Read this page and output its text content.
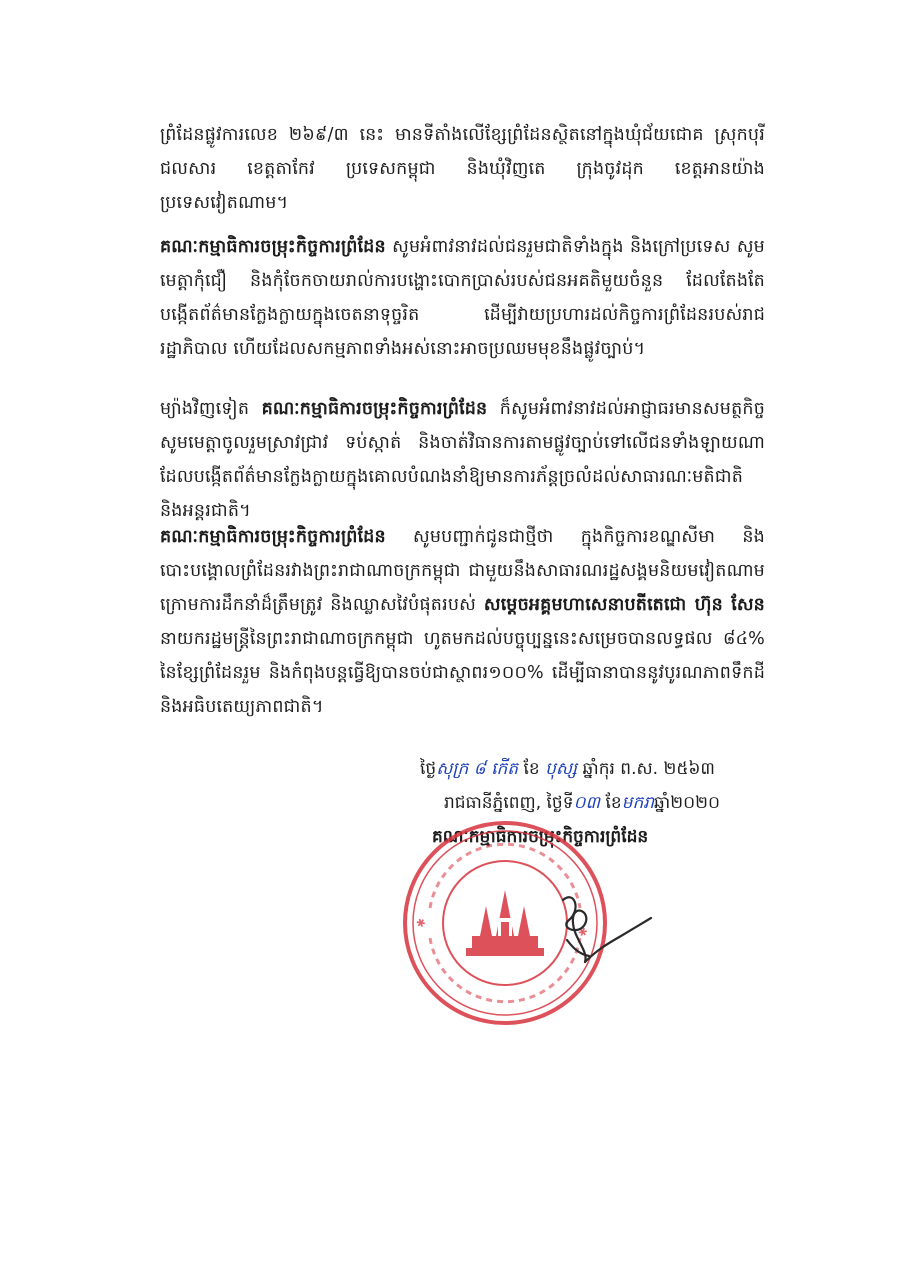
ព្រំដែនផ្លូវការលេខ ២៦៩/៣ នេះ មានទីតាំងលើខ្សែព្រំដែនស្ថិតនៅក្នុងឃុំជ័យជោគ ស្រុកបុរីជលសារ ខេត្តតាកែវ ប្រទេសកម្ពុជា និងឃុំវិញតេ ក្រុងចូវដុក ខេត្តអានយ៉ាង ប្រទេសវៀតណាម។
គណៈកម្មាធិការចម្រុះកិច្ចការព្រំដែន សូមអំពាវនាវដល់ជនរួមជាតិទាំងក្នុង និងក្រៅប្រទេស សូមមេត្តាកុំជឿ និងកុំចែកចាយរាល់ការបង្ហោះបោកប្រាស់របស់ជនអគតិមួយចំនួន ដែលតែងតែបង្កើតព័ត៌មានក្លែងក្លាយក្នុងចេតនាទុច្ចរិត ដើម្បីវាយប្រហារដល់កិច្ចការព្រំដែនរបស់រាជរដ្ឋាភិបាល ហើយដែលសកម្មភាពទាំងអស់នោះអាចប្រឈមមុខនឹងផ្លូវច្បាប់។
ម្យ៉ាងវិញទៀត គណៈកម្មាធិការចម្រុះកិច្ចការព្រំដែន ក៏សូមអំពាវនាវដល់អាជ្ញាធរមានសមត្ថកិច្ច សូមមេត្តាចូលរួមស្រាវជ្រាវ ទប់ស្កាត់ និងចាត់វិធានការតាមផ្លូវច្បាប់ទៅលើជនទាំងឡាយណា ដែលបង្កើតព័ត៌មានក្លែងក្លាយក្នុងគោលបំណងនាំឱ្យមានការភ័ន្តច្រលំដល់សាធារណៈមតិជាតិ និងអន្តរជាតិ។
គណៈកម្មាធិការចម្រុះកិច្ចការព្រំដែន សូមបញ្ជាក់ជូនជាថ្មីថា ក្នុងកិច្ចការខណ្ឌសីមា និងបោះបង្គោលព្រំដែនរវាងព្រះរាជាណាចក្រកម្ពុជា ជាមួយនឹងសាធារណរដ្ឋសង្គមនិយមវៀតណាម ក្រោមការដឹកនាំដ៏ត្រឹមត្រូវ និងឈ្លាសវៃបំផុតរបស់ សម្ដេចអគ្គមហាសេនាបតីតេជោ ហ៊ុន សែន នាយករដ្ឋមន្ត្រីនៃព្រះរាជាណាចក្រកម្ពុជា ហូតមកដល់បច្ចុប្បន្ននេះសម្រេចបានលទ្ធផល ៨៤% នៃខ្សែព្រំដែនរួម និងកំពុងបន្តធ្វើឱ្យបានចប់ជាស្ថាពរ១០០% ដើម្បីធានាបាននូវបូរណភាពទឹកដី និងអធិបតេយ្យភាពជាតិ។
ថ្ងៃសុក្រ ៨ កើត ខែ បុស្ស ឆ្នាំកុរ ព.ស. ២៥៦៣
រាជធានីភ្នំពេញ, ថ្ងៃទី០៣ ខែមករាឆ្នាំ២០២០
គណៈកម្មាធិការចម្រុះកិច្ចការព្រំដែន
✱
✱
